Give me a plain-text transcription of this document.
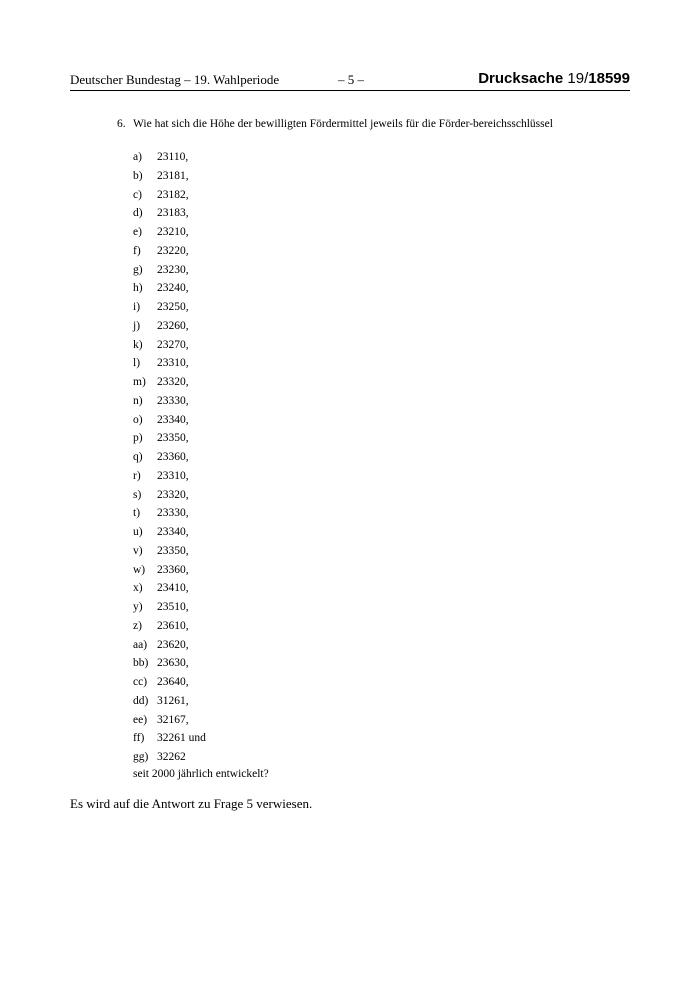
Deutscher Bundestag – 19. Wahlperiode	– 5 –	Drucksache 19/18599
6. Wie hat sich die Höhe der bewilligten Fördermittel jeweils für die Förder-bereichsschlüssel
a) 23110,
b) 23181,
c) 23182,
d) 23183,
e) 23210,
f) 23220,
g) 23230,
h) 23240,
i) 23250,
j) 23260,
k) 23270,
l) 23310,
m) 23320,
n) 23330,
o) 23340,
p) 23350,
q) 23360,
r) 23310,
s) 23320,
t) 23330,
u) 23340,
v) 23350,
w) 23360,
x) 23410,
y) 23510,
z) 23610,
aa) 23620,
bb) 23630,
cc) 23640,
dd) 31261,
ee) 32167,
ff) 32261 und
gg) 32262
seit 2000 jährlich entwickelt?
Es wird auf die Antwort zu Frage 5 verwiesen.
